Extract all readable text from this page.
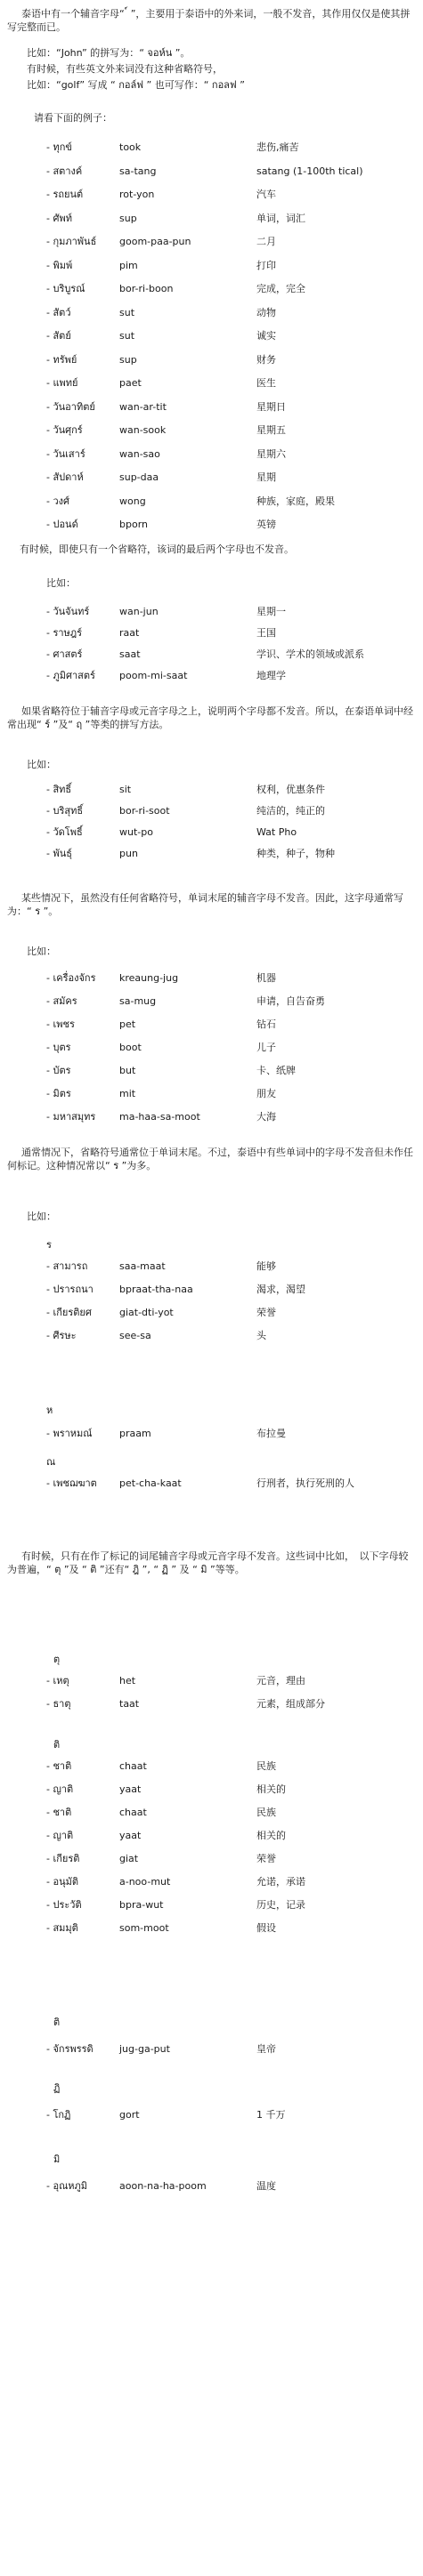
泰语中有一个辅音字母“ ์ ”，主要用于泰语中的外来词，一般不发音，其作用仅仅是使其拼写完整而已。

比如：“John” 的拼写为：“ จอห์น ”。
有时候，有些英文外来词没有这种省略符号，
比如：“golf” 写成 “ กอล์ฟ ” 也可写作：“ กอลฟ ”
请看下面的例子：
- ทุกข์	took	悲伤,痛苦
- สตางค์	sa-tang	satang (1-100th tical)
- รถยนต์	rot-yon	汽车
- ศัพท์	sup	单词，词汇
- กุมภาพันธ์ goom-paa-pun	二月
- พิมพ์	pim	打印
- บริบูรณ์	bor-ri-boon	完成，完全
- สัตว์	sut	动物
- สัตย์	sut	诚实
- ทรัพย์	sup	财务
- แพทย์	paet	医生
- วันอาทิตย์ wan-ar-tit	星期日
- วันศุกร์	wan-sook	星期五
- วันเสาร์	wan-sao	星期六
- สัปดาห์	sup-daa	星期
- วงศ์	wong	种族，家庭，殿果
- ปอนด์	bporn	英镑
有时候，即使只有一个省略符，该词的最后两个字母也不发音。
比如：
- วันจันทร์	wan-jun	星期一
- ราษฎร์	raat	王国
- ศาสตร์	saat	学识、学术的领域或派系
- ภูมิศาสตร์ poom-mi-saat	地理学

如果省略符位于辅音字母或元音字母之上，说明两个字母都不发音。所以，在泰语单词中经常出现“ ร์ ”及“ ฤ ”等类的拼写方法。

比如：
- สิทธิ์	sit	权利，优惠条件
- บริสุทธิ์	bor-ri-soot	纯洁的，纯正的
- วัดโพธิ์	wut-po	Wat Pho
- พันธุ์	pun	种类，种子，物种

某些情况下，虽然没有任何省略符号，单词末尾的辅音字母不发音。因此，这字母通常写为：“ ร ”。

比如：
- เครื่องจักร kreaung-jug	机器
- สมัคร	sa-mug	申请，自告奋勇
- เพชร	pet	钻石
- บุตร	boot	儿子
- บัตร	but	卡、纸牌
- มิตร	mit	朋友
- มหาสมุทร ma-haa-sa-moot	大海

通常情况下，省略符号通常位于单词末尾。不过，泰语中有些单词中的字母不发音但未作任何标记。这种情况常以“ ร ”为多。

比如：
ร
- สามารถ	saa-maat	能够
- ปรารถนา	bpraat-tha-naa	渴求，渴望
- เกียรติยศ	giat-dti-yot	荣誉
- ศีรษะ	see-sa	头
ห
- พราหมณ์	praam	布拉曼
ณ
- เพชฌฆาต pet-cha-kaat	行刑者，执行死刑的人

有时候，只有在作了标记的词尾辅音字母或元音字母不发音。这些词中比如，　以下字母较为普遍，“ ตุ ”及 “ ติ ”还有“ ฎิ ”, “ ฏิ ” 及 “ มิ ”等等。

ตุ
- เหตุ	het	元音，理由
- ธาตุ	taat	元素，组成部分
ติ
- ชาติ	chaat	民族
- ญาติ	yaat	相关的
- ชาติ	chaat	民族
- ญาติ	yaat	相关的
- เกียรติ	giat	荣誉
- อนุมัติ	a-noo-mut	允诺，承诺
- ประวัติ	bpra-wut	历史，记录
- สมมุติ	som-moot	假设
ติ
- จักรพรรดิ	jug-ga-put	皇帝
ฏิ
- โกฏิ	gort	1 千万
มิ
- อุณหภูมิ	aoon-na-ha-poom	温度
